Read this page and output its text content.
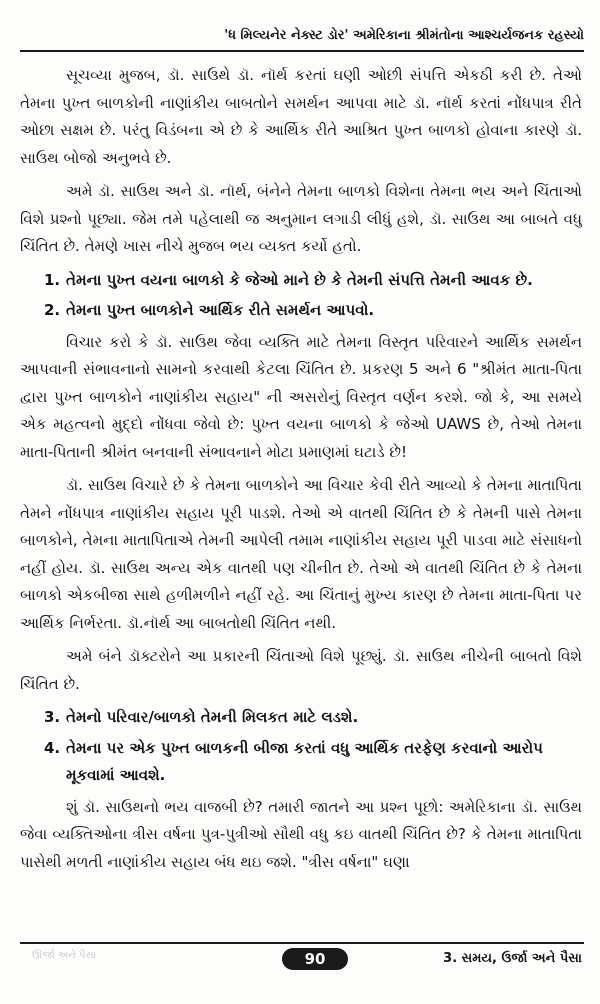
'ધ મિલ્યનેર નેક્સ્ટ ડોર' અમેરિકાના શ્રીમંતોના આશ્ચર્યજનક રહસ્યો

સૂચવ્યા મુજબ, ડૉ. સાઉથે ડૉ. નૉર્થ કરતાં ઘણી ઓછી સંપત્તિ એકઠી કરી છે. તેઓ તેમના પુખ્ત બાળકોની નાણાંકીય બાબતોને સમર્થન આપવા માટે ડૉ. નૉર્થ કરતાં નોંધપાત્ર રીતે ઓછા સક્ષમ છે. પરંતુ વિડંબના એ છે કે આર્થિક રીતે આશ્રિત પુખ્ત બાળકો હોવાના કારણે ડૉ. સાઉથ બોજો અનુભવે છે.

અમે ડૉ. સાઉથ અને ડૉ. નૉર્થ, બંનેને તેમના બાળકો વિશેના તેમના ભય અને ચિંતાઓ વિશે પ્રશ્નો પૂછ્યા. જેમ તમે પહેલાથી જ અનુમાન લગાડી લીધું હશે, ડૉ. સાઉથ આ બાબતે વધુ ચિંતિત છે. તેમણે ખાસ નીચે મુજબ ભય વ્યક્ત કર્યો હતો.

1. તેમના પુખ્ત વયના બાળકો કે જેઓ માને છે કે તેમની સંપત્તિ તેમની આવક છે.
2. તેમના પુખ્ત બાળકોને આર્થિક રીતે સમર્થન આપવો.

વિચાર કરો કે ડૉ. સાઉથ જેવા વ્યક્તિ માટે તેમના વિસ્તૃત પરિવારને આર્થિક સમર્થન આપવાની સંભાવનાનો સામનો કરવાથી કેટલા ચિંતિત છે. પ્રકરણ 5 અને 6 "શ્રીમંત માતા-પિતા દ્વારા પુખ્ત બાળકોને નાણાંકીય સહાય" ની અસરોનું વિસ્તૃત વર્ણન કરશે. જો કે, આ સમયે એક મહત્વનો મુદ્દો નોંધવા જેવો છે: પુખ્ત વયના બાળકો કે જેઓ UAWS છે, તેઓ તેમના માતા-પિતાની શ્રીમંત બનવાની સંભાવનાને મોટા પ્રમાણમાં ઘટાડે છે!

ડૉ. સાઉથ વિચારે છે કે તેમના બાળકોને આ વિચાર કેવી રીતે આવ્યો કે તેમના માતાપિતા તેમને નોંધપાત્ર નાણાંકીય સહાય પૂરી પાડશે. તેઓ એ વાતથી ચિંતિત છે કે તેમની પાસે તેમના બાળકોને, તેમના માતાપિતાએ તેમની આપેલી તમામ નાણાંકીય સહાય પૂરી પાડવા માટે સંસાધનો નહીં હોય. ડૉ. સાઉથ અન્ય એક વાતથી પણ ચીનીત છે. તેઓ એ વાતથી ચિંતિત છે કે તેમના બાળકો એકબીજા સાથે હળીમળીને નહીં રહે. આ ચિંતાનું મુખ્ય કારણ છે તેમના માતા-પિતા પર આર્થિક નિર્ભરતા. ડૉ.નૉર્થ આ બાબતોથી ચિંતિત નથી.

અમે બંને ડૉક્ટરોને આ પ્રકારની ચિંતાઓ વિશે પૂછ્યું. ડૉ. સાઉથ નીચેની બાબતો વિશે ચિંતિત છે.

3. તેમનો પરિવાર/બાળકો તેમની મિલકત માટે લડશે.
4. તેમના પર એક પુખ્ત બાળકની બીજા કરતાં વધુ આર્થિક તરફેણ કરવાનો આરોપ મૂકવામાં આવશે.

શું ડૉ. સાઉથનો ભય વાજબી છે? તમારી જાતને આ પ્રશ્ન પૂછો: અમેરિકાના ડૉ. સાઉથ જેવા વ્યક્તિઓના ત્રીસ વર્ષના પુત્ર-પુત્રીઓ સૌથી વધુ કઇ વાતથી ચિંતિત છે? કે તેમના માતાપિતા પાસેથી મળતી નાણાંકીય સહાય બંધ થઇ જશે. "ત્રીસ વર્ષના" ઘણા

ઊર્જા અને પૈસા	90	3. સમય, ઉર્જા અને પૈસા
